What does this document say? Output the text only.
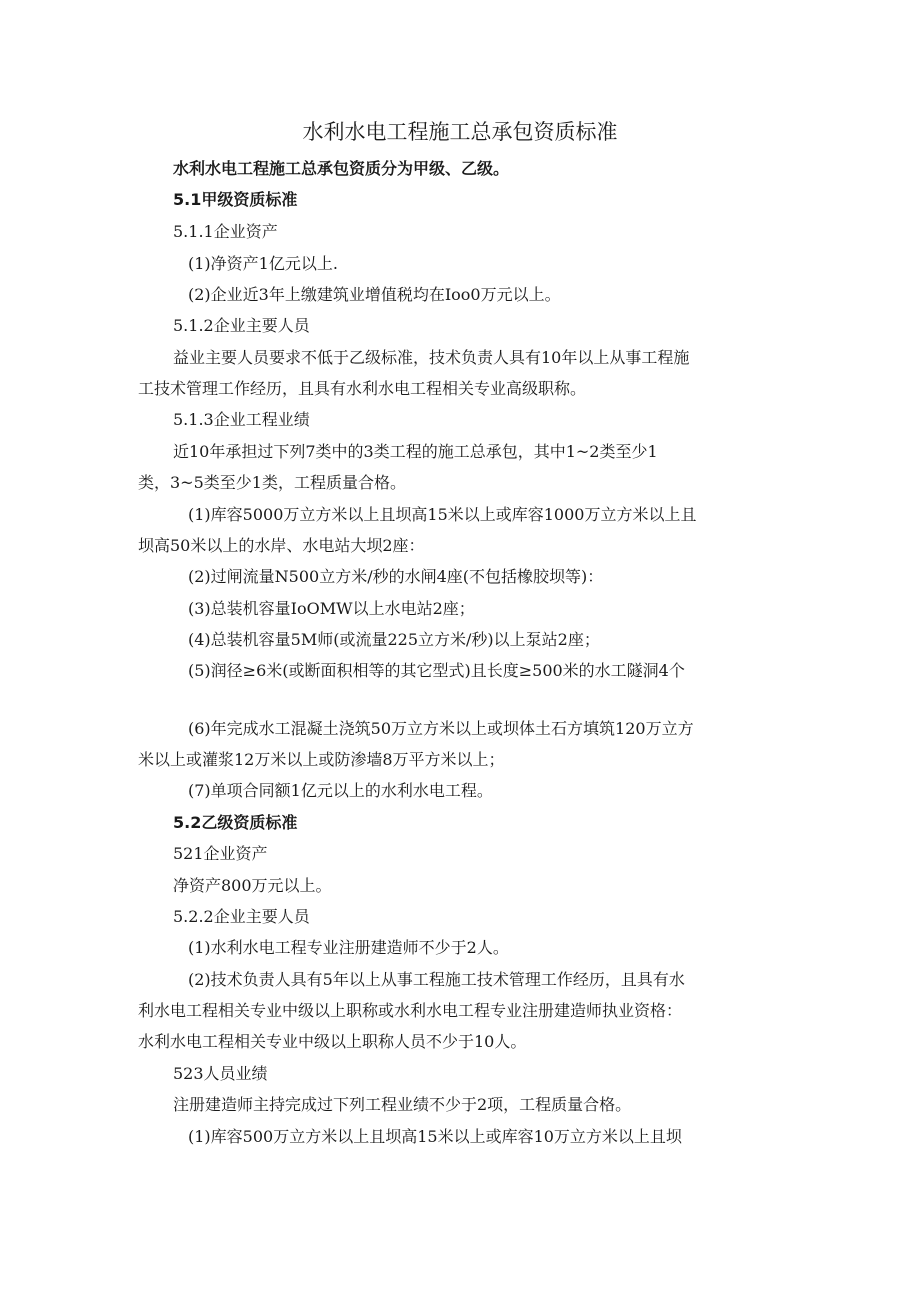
水利水电工程施工总承包资质标准
水利水电工程施工总承包资质分为甲级、乙级。
5.1甲级资质标准
5.1.1企业资产
(1)净资产1亿元以上.
(2)企业近3年上缴建筑业增值税均在Ioo0万元以上。
5.1.2企业主要人员
益业主要人员要求不低于乙级标准，技术负责人具有10年以上从事工程施
工技术管理工作经历，且具有水利水电工程相关专业高级职称。
5.1.3企业工程业绩
近10年承担过下列7类中的3类工程的施工总承包，其中1~2类至少1
类，3~5类至少1类，工程质量合格。
(1)库容5000万立方米以上且坝高15米以上或库容1000万立方米以上且
坝高50米以上的水岸、水电站大坝2座：
(2)过闸流量N500立方米/秒的水闸4座(不包括橡胶坝等)：
(3)总装机容量IoOMW以上水电站2座；
(4)总装机容量5M师(或流量225立方米/秒)以上泵站2座；
(5)润径≥6米(或断面积相等的其它型式)且长度≥500米的水工隧洞4个
(6)年完成水工混凝土浇筑50万立方米以上或坝体土石方填筑120万立方
米以上或灌浆12万米以上或防渗墙8万平方米以上；
(7)单项合同额1亿元以上的水利水电工程。
5.2乙级资质标准
521企业资产
净资产800万元以上。
5.2.2企业主要人员
(1)水利水电工程专业注册建造师不少于2人。
(2)技术负责人具有5年以上从事工程施工技术管理工作经历，且具有水
利水电工程相关专业中级以上职称或水利水电工程专业注册建造师执业资格：
水利水电工程相关专业中级以上职称人员不少于10人。
523人员业绩
注册建造师主持完成过下列工程业绩不少于2项，工程质量合格。
(1)库容500万立方米以上且坝高15米以上或库容10万立方米以上且坝
